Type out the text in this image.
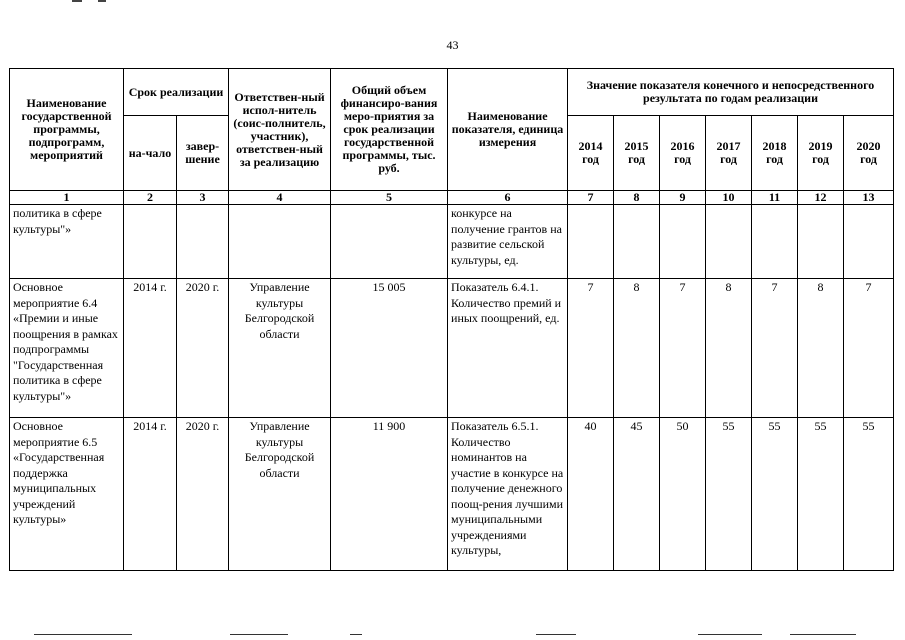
43
Наименование государственной программы, подпрограмм, мероприятий	Срок реализации		Ответствен-ный испол-нитель (соис-полнитель, участник), ответствен-ный за реализацию	Общий объем финансиро-вания меро-приятия за срок реализации государственной программы, тыс. руб.	Наименование показателя, единица измерения	Значение показателя конечного и непосредственного результата по годам реализации						
	на-чало	завер-шение				2014 год	2015 год	2016 год	2017 год	2018 год	2019 год	2020 год
1	2	3	4	5	6	7	8	9	10	11	12	13
политика в сфере культуры"»					конкурсе на получение грантов на развитие сельской культуры, ед.							
Основное мероприятие 6.4 «Премии и иные поощрения в рамках подпрограммы "Государственная политика в сфере культуры"»	2014 г.	2020 г.	Управление культуры Белгородской области	15 005	Показатель 6.4.1. Количество премий и иных поощрений, ед.	7	8	7	8	7	8	7
Основное мероприятие 6.5 «Государственная поддержка муниципальных учреждений культуры»	2014 г.	2020 г.	Управление культуры Белгородской области	11 900	Показатель 6.5.1. Количество номинантов на участие в конкурсе на получение денежного поощ-рения лучшими муниципальными учреждениями культуры,	40	45	50	55	55	55	55
